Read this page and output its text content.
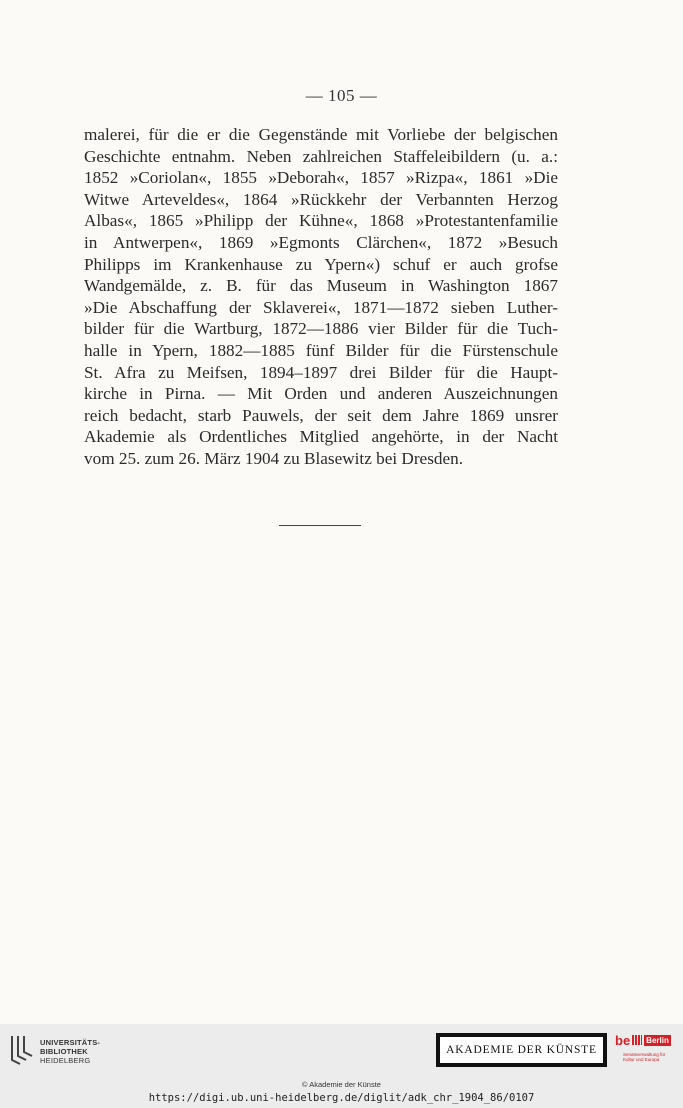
— 105 —
malerei, für die er die Gegenstände mit Vorliebe der belgischen
Geschichte entnahm. Neben zahlreichen Staffeleibildern (u. a.:
1852 »Coriolan«, 1855 »Deborah«, 1857 »Rizpa«, 1861 »Die
Witwe Arteveldes«, 1864 »Rückkehr der Verbannten Herzog
Albas«, 1865 »Philipp der Kühne«, 1868 »Protestantenfamilie
in Antwerpen«, 1869 »Egmonts Clärchen«, 1872 »Besuch
Philipps im Krankenhause zu Ypern«) schuf er auch grofse
Wandgemälde, z. B. für das Museum in Washington 1867
»Die Abschaffung der Sklaverei«, 1871—1872 sieben Luther-
bilder für die Wartburg, 1872—1886 vier Bilder für die Tuch-
halle in Ypern, 1882—1885 fünf Bilder für die Fürstenschule
St. Afra zu Meifsen, 1894–1897 drei Bilder für die Haupt-
kirche in Pirna. — Mit Orden und anderen Auszeichnungen
reich bedacht, starb Pauwels, der seit dem Jahre 1869 unsrer
Akademie als Ordentliches Mitglied angehörte, in der Nacht
vom 25. zum 26. März 1904 zu Blasewitz bei Dresden.
UNIVERSITÄTS-
BIBLIOTHEK
HEIDELBERG
AKADEMIE DER KÜNSTE
be Berlin
Senatsverwaltung für Kultur und Europa
© Akademie der Künste
https://digi.ub.uni-heidelberg.de/diglit/adk_chr_1904_86/0107
